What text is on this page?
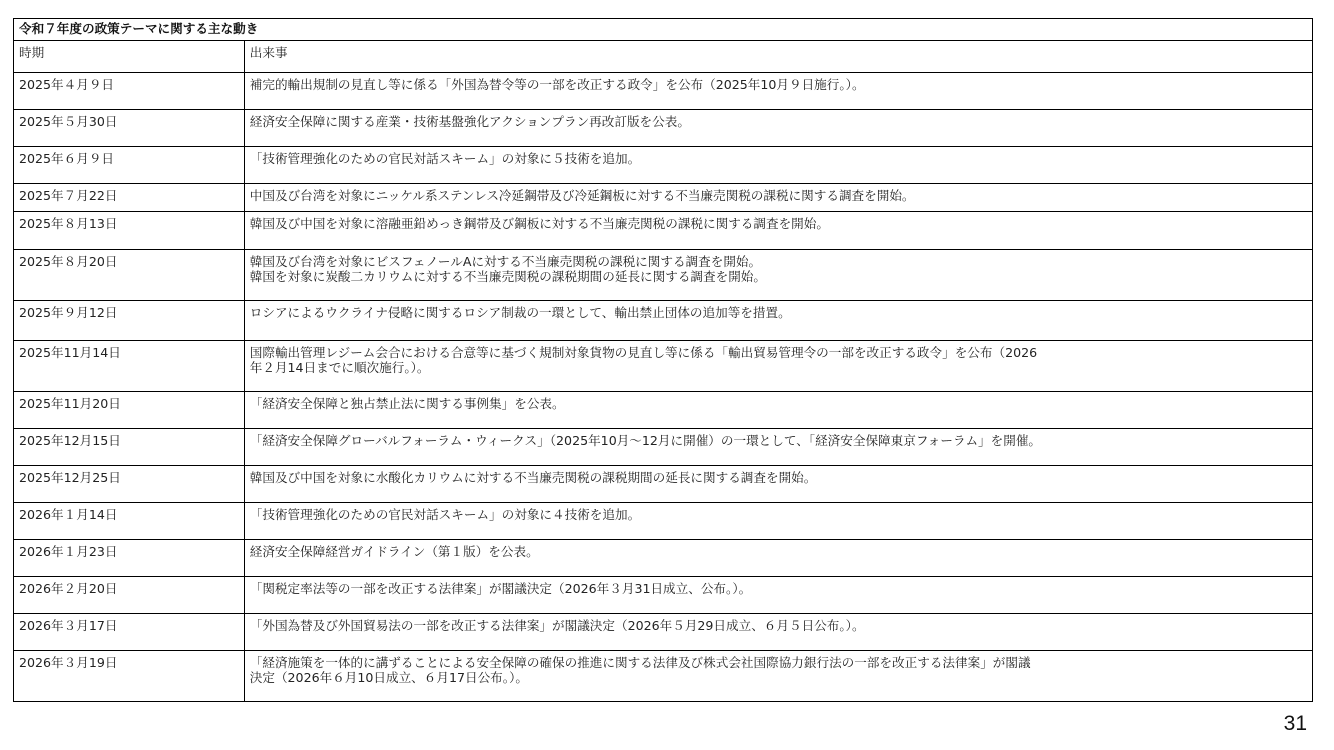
令和７年度の政策テーマに関する主な動き	
時期	出来事
2025年４月９日	補完的輸出規制の見直し等に係る「外国為替令等の一部を改正する政令」を公布（2025年10月９日施行。）。
2025年５月30日	経済安全保障に関する産業・技術基盤強化アクションプラン再改訂版を公表。
2025年６月９日	「技術管理強化のための官民対話スキーム」の対象に５技術を追加。
2025年７月22日	中国及び台湾を対象にニッケル系ステンレス冷延鋼帯及び冷延鋼板に対する不当廉売関税の課税に関する調査を開始。
2025年８月13日	韓国及び中国を対象に溶融亜鉛めっき鋼帯及び鋼板に対する不当廉売関税の課税に関する調査を開始。
2025年８月20日	韓国及び台湾を対象にビスフェノールAに対する不当廉売関税の課税に関する調査を開始。
韓国を対象に炭酸二カリウムに対する不当廉売関税の課税期間の延長に関する調査を開始。
2025年９月12日	ロシアによるウクライナ侵略に関するロシア制裁の一環として、輸出禁止団体の追加等を措置。
2025年11月14日	国際輸出管理レジーム会合における合意等に基づく規制対象貨物の見直し等に係る「輸出貿易管理令の一部を改正する政令」を公布（2026
年２月14日までに順次施行。）。
2025年11月20日	「経済安全保障と独占禁止法に関する事例集」を公表。
2025年12月15日	「経済安全保障グローバルフォーラム・ウィークス」（2025年10月～12月に開催）の一環として、「経済安全保障東京フォーラム」を開催。
2025年12月25日	韓国及び中国を対象に水酸化カリウムに対する不当廉売関税の課税期間の延長に関する調査を開始。
2026年１月14日	「技術管理強化のための官民対話スキーム」の対象に４技術を追加。
2026年１月23日	経済安全保障経営ガイドライン（第１版）を公表。
2026年２月20日	「関税定率法等の一部を改正する法律案」が閣議決定（2026年３月31日成立、公布。）。
2026年３月17日	「外国為替及び外国貿易法の一部を改正する法律案」が閣議決定（2026年５月29日成立、６月５日公布。）。
2026年３月19日	「経済施策を一体的に講ずることによる安全保障の確保の推進に関する法律及び株式会社国際協力銀行法の一部を改正する法律案」が閣議
決定（2026年６月10日成立、６月17日公布。）。
31
